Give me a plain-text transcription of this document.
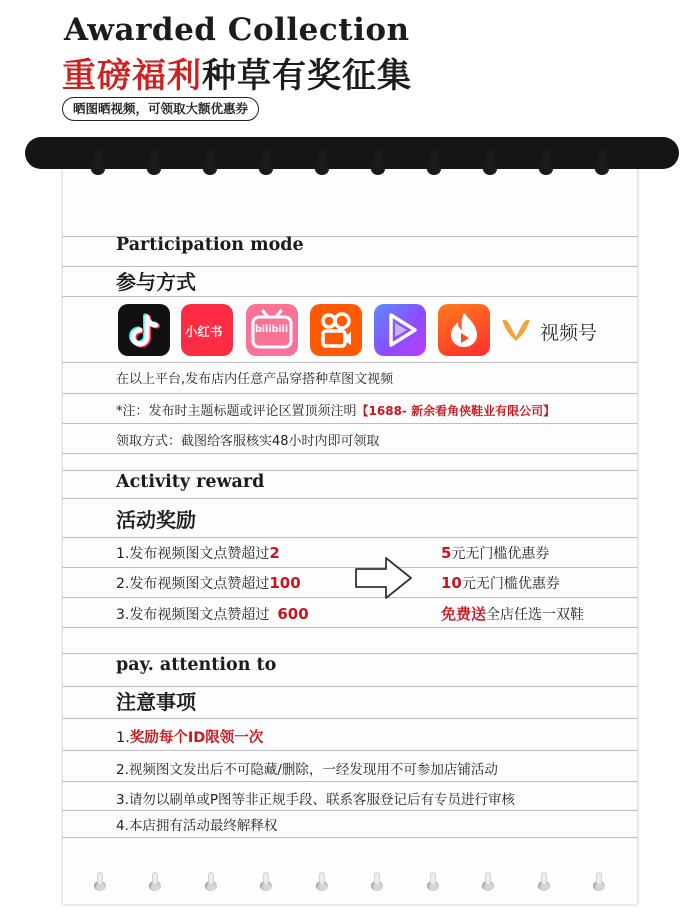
Awarded Collection
重磅福利种草有奖征集
晒图晒视频，可领取大额优惠券
Participation mode
参与方式
小红书	bilibili	视频号
在以上平台,发布店内任意产品穿搭种草图文视频
*注：发布时主题标题或评论区置顶须注明【1688- 新余看角侠鞋业有限公司】
领取方式：截图给客服核实48小时内即可领取
Activity reward
活动奖励
1.发布视频图文点赞超过2
2.发布视频图文点赞超过100
3.发布视频图文点赞超过 600
5元无门槛优惠券
10元无门槛优惠券
免费送全店任选一双鞋
pay. attention to
注意事项
1.奖励每个ID限领一次
2.视频图文发出后不可隐藏/删除，一经发现用不可参加店铺活动
3.请勿以刷单或P图等非正规手段、联系客服登记后有专员进行审核
4.本店拥有活动最终解释权
